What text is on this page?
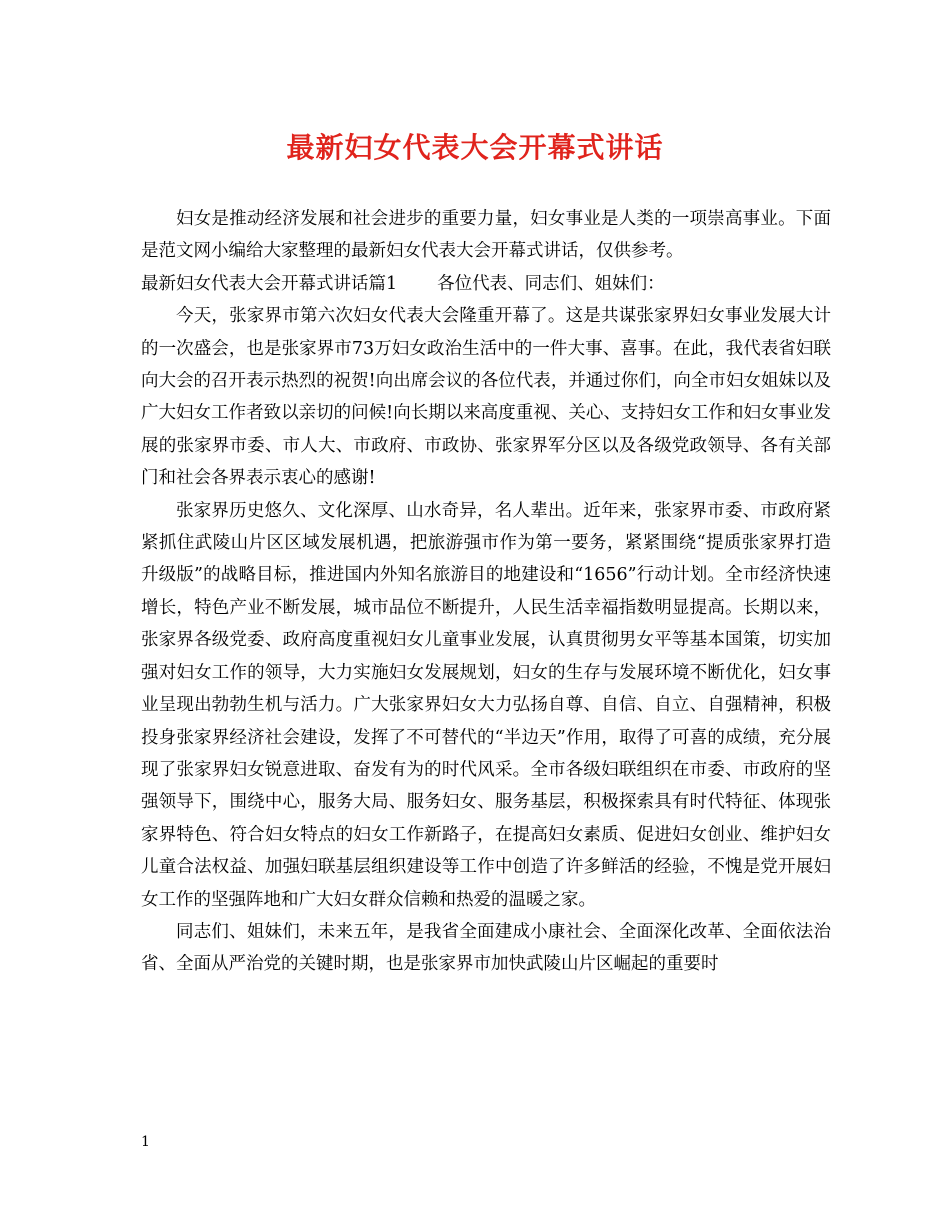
最新妇女代表大会开幕式讲话

妇女是推动经济发展和社会进步的重要力量，妇女事业是人类的一项崇高事业。下面是范文网小编给大家整理的最新妇女代表大会开幕式讲话，仅供参考。

最新妇女代表大会开幕式讲话篇1 各位代表、同志们、姐妹们：

今天，张家界市第六次妇女代表大会隆重开幕了。这是共谋张家界妇女事业发展大计的一次盛会，也是张家界市73万妇女政治生活中的一件大事、喜事。在此，我代表省妇联向大会的召开表示热烈的祝贺!向出席会议的各位代表，并通过你们，向全市妇女姐妹以及广大妇女工作者致以亲切的问候!向长期以来高度重视、关心、支持妇女工作和妇女事业发展的张家界市委、市人大、市政府、市政协、张家界军分区以及各级党政领导、各有关部门和社会各界表示衷心的感谢!

张家界历史悠久、文化深厚、山水奇异，名人辈出。近年来，张家界市委、市政府紧紧抓住武陵山片区区域发展机遇，把旅游强市作为第一要务，紧紧围绕“提质张家界打造升级版”的战略目标，推进国内外知名旅游目的地建设和“1656”行动计划。全市经济快速增长，特色产业不断发展，城市品位不断提升，人民生活幸福指数明显提高。长期以来，张家界各级党委、政府高度重视妇女儿童事业发展，认真贯彻男女平等基本国策，切实加强对妇女工作的领导，大力实施妇女发展规划，妇女的生存与发展环境不断优化，妇女事业呈现出勃勃生机与活力。广大张家界妇女大力弘扬自尊、自信、自立、自强精神，积极投身张家界经济社会建设，发挥了不可替代的“半边天”作用，取得了可喜的成绩，充分展现了张家界妇女锐意进取、奋发有为的时代风采。全市各级妇联组织在市委、市政府的坚强领导下，围绕中心，服务大局、服务妇女、服务基层，积极探索具有时代特征、体现张家界特色、符合妇女特点的妇女工作新路子，在提高妇女素质、促进妇女创业、维护妇女儿童合法权益、加强妇联基层组织建设等工作中创造了许多鲜活的经验，不愧是党开展妇女工作的坚强阵地和广大妇女群众信赖和热爱的温暖之家。

同志们、姐妹们，未来五年，是我省全面建成小康社会、全面深化改革、全面依法治省、全面从严治党的关键时期，也是张家界市加快武陵山片区崛起的重要时

1
